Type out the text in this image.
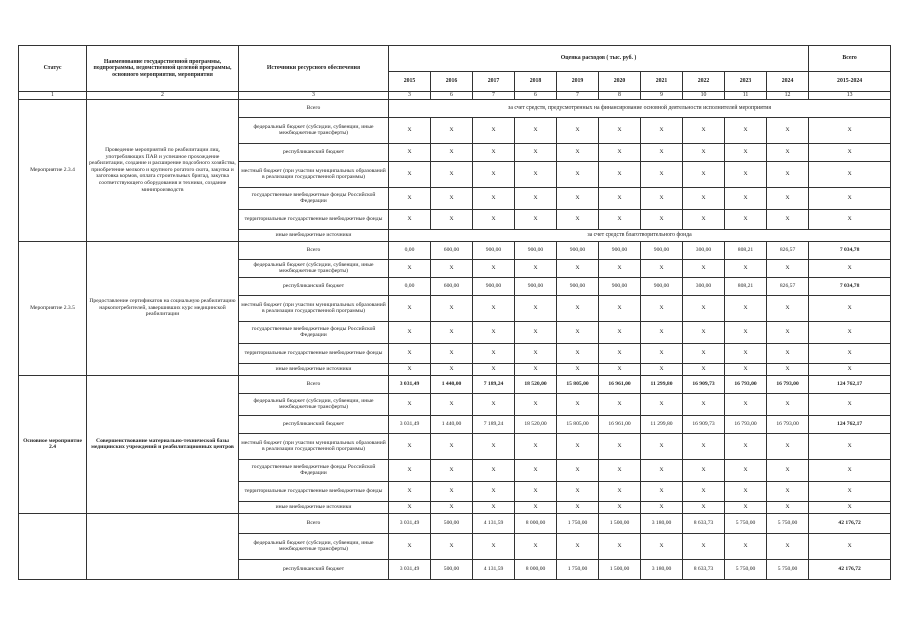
Статус	Наименование государственной программы, подпрограммы, ведомственной целевой программы, основного мероприятия, мероприятия	Источники ресурсного обеспечения	Оценка расходов ( тыс. руб. )										Всего
			2015	2016	2017	2018	2019	2020	2021	2022	2023	2024	2015-2024
1	2	3	3	6	7	6	7	8	9	10	11	12	13
Мероприятие 2.3.4	Проведение мероприятий по реабилитации лиц, употребляющих ПАВ и успешное прохождение реабилитации, создание и расширение подсобного хозяйства, приобретение мелкого и крупного рогатого скота, закупка и заготовка кормов, оплата строительных бригад, закупка соответствующего оборудования и техники, создание минипроизводств	Всего	за счет средств, предусмотренных на финансирование основной деятельности исполнителей мероприятия										
		федеральный бюджет (субсидии, субвенции, иные межбюджетные трансферты)	X	X	X	X	X	X	X	X	X	X	X
		республиканский бюджет	X	X	X	X	X	X	X	X	X	X	X
		местный бюджет (при участии муниципальных образований в реализации государственной программы)	X	X	X	X	X	X	X	X	X	X	X
		государственные внебюджетные фонды Российской Федерации	X	X	X	X	X	X	X	X	X	X	X
		территориальные государственные внебюджетные фонды	X	X	X	X	X	X	X	X	X	X	X
		иные внебюджетные источники	за счет средств благотворительного фонда										
Мероприятие 2.3.5	Предоставление сертификатов на социальную реабилитацию наркопотребителей, завершивших курс медицинской реабилитации	Всего	0,00	600,00	900,00	900,00	900,00	900,00	900,00	300,00	808,21	826,57	7 034,78
		федеральный бюджет (субсидии, субвенции, иные межбюджетные трансферты)	X	X	X	X	X	X	X	X	X	X	X
		республиканский бюджет	0,00	600,00	900,00	900,00	900,00	900,00	900,00	300,00	808,21	826,57	7 034,78
		местный бюджет (при участии муниципальных образований в реализации государственной программы)	X	X	X	X	X	X	X	X	X	X	X
		государственные внебюджетные фонды Российской Федерации	X	X	X	X	X	X	X	X	X	X	X
		территориальные государственные внебюджетные фонды	X	X	X	X	X	X	X	X	X	X	X
		иные внебюджетные источники	X	X	X	X	X	X	X	X	X	X	X
Основное мероприятие 2.4	Совершенствование материально-технической базы медицинских учреждений и реабилитационных центров	Всего	3 031,49	1 440,00	7 189,24	18 520,00	15 805,00	16 961,00	11 299,80	16 909,73	16 793,00	16 793,00	124 762,17
		федеральный бюджет (субсидии, субвенции, иные межбюджетные трансферты)	X	X	X	X	X	X	X	X	X	X	X
		республиканский бюджет	3 031,49	1 440,00	7 189,24	18 520,00	15 805,00	16 961,00	11 299,80	16 909,73	16 793,00	16 793,00	124 762,17
		местный бюджет (при участии муниципальных образований в реализации государственной программы)	X	X	X	X	X	X	X	X	X	X	X
		государственные внебюджетные фонды Российской Федерации	X	X	X	X	X	X	X	X	X	X	X
		территориальные государственные внебюджетные фонды	X	X	X	X	X	X	X	X	X	X	X
		иные внебюджетные источники	X	X	X	X	X	X	X	X	X	X	X
		Всего	3 031,49	500,00	4 131,59	8 000,00	1 750,00	1 500,00	3 180,00	8 633,73	5 750,00	5 750,00	42 176,72
		федеральный бюджет (субсидии, субвенции, иные межбюджетные трансферты)	X	X	X	X	X	X	X	X	X	X	X
		республиканский бюджет	3 031,49	500,00	4 131,59	8 000,00	1 750,00	1 500,00	3 180,00	8 633,73	5 750,00	5 750,00	42 176,72
